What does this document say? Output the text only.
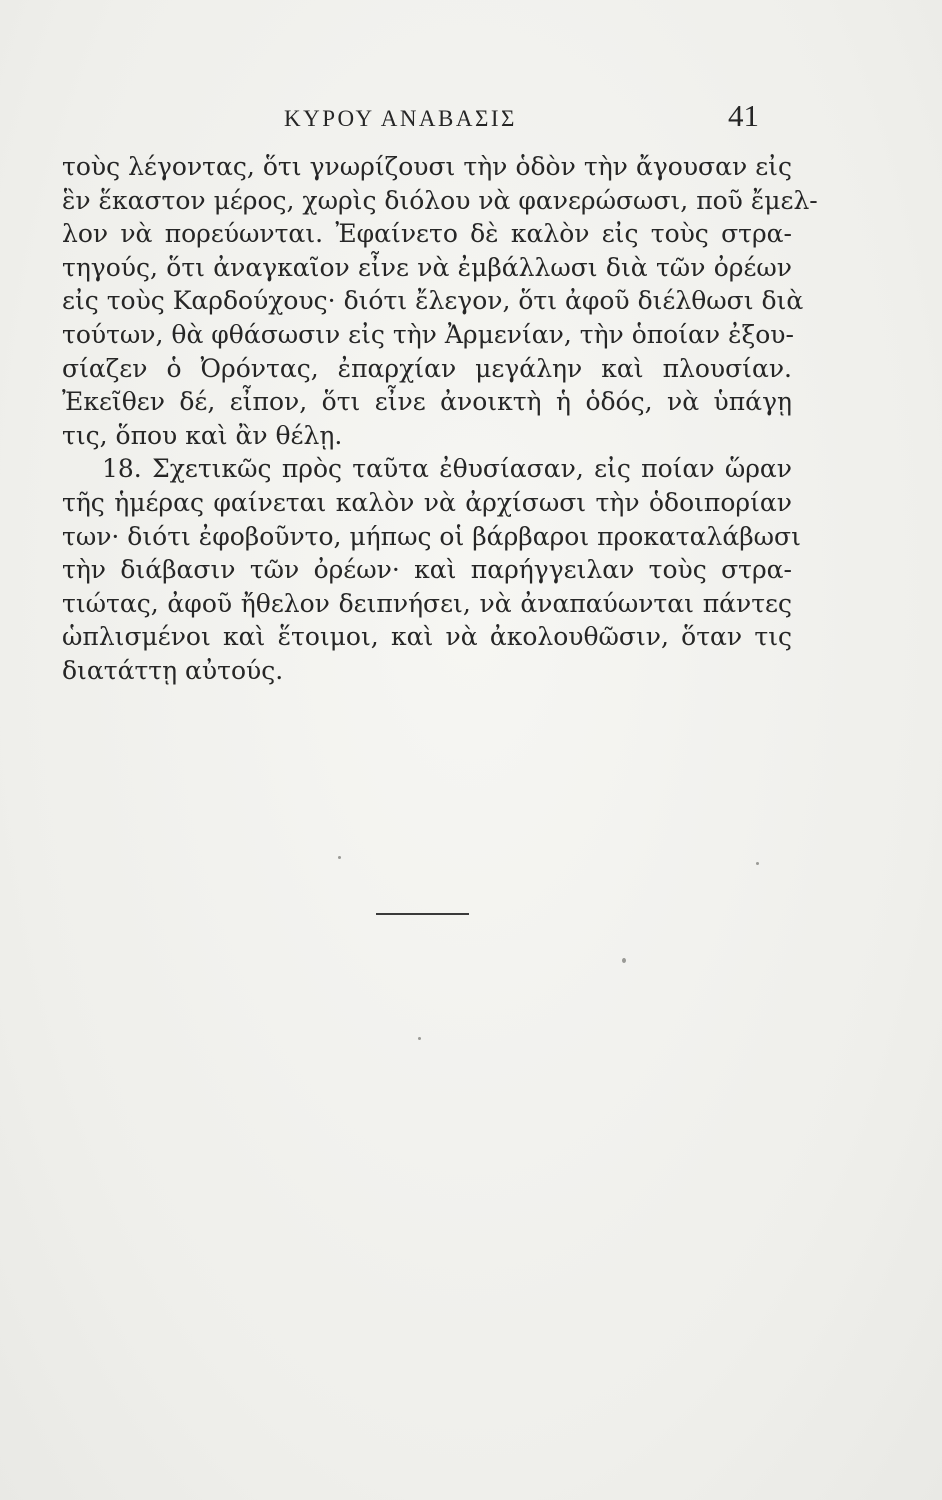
ΚΥΡΟΥ ΑΝΑΒΑΣΙΣ	41
τοὺς λέγοντας, ὅτι γνωρίζουσι τὴν ὁδὸν τὴν ἄγουσαν εἰς
ἓν ἕκαστον μέρος, χωρὶς διόλου νὰ φανερώσωσι, ποῦ ἔμελ-
λον νὰ πορεύωνται. Ἐφαίνετο δὲ καλὸν εἰς τοὺς στρα-
τηγούς, ὅτι ἀναγκαῖον εἶνε νὰ ἐμβάλλωσι διὰ τῶν ὀρέων
εἰς τοὺς Καρδούχους· διότι ἔλεγον, ὅτι ἀφοῦ διέλθωσι διὰ
τούτων, θὰ φθάσωσιν εἰς τὴν Ἀρμενίαν, τὴν ὁποίαν ἐξου-
σίαζεν ὁ Ὀρόντας, ἐπαρχίαν μεγάλην καὶ πλουσίαν.
Ἐκεῖθεν δέ, εἶπον, ὅτι εἶνε ἀνοικτὴ ἡ ὁδός, νὰ ὑπάγῃ
τις, ὅπου καὶ ἂν θέλῃ.
18. Σχετικῶς πρὸς ταῦτα ἐθυσίασαν, εἰς ποίαν ὥραν
τῆς ἡμέρας φαίνεται καλὸν νὰ ἀρχίσωσι τὴν ὁδοιπορίαν
των· διότι ἐφοβοῦντο, μήπως οἱ βάρβαροι προκαταλάβωσι
τὴν διάβασιν τῶν ὀρέων· καὶ παρήγγειλαν τοὺς στρα-
τιώτας, ἀφοῦ ἤθελον δειπνήσει, νὰ ἀναπαύωνται πάντες
ὡπλισμένοι καὶ ἕτοιμοι, καὶ νὰ ἀκολουθῶσιν, ὅταν τις
διατάττῃ αὐτούς.
